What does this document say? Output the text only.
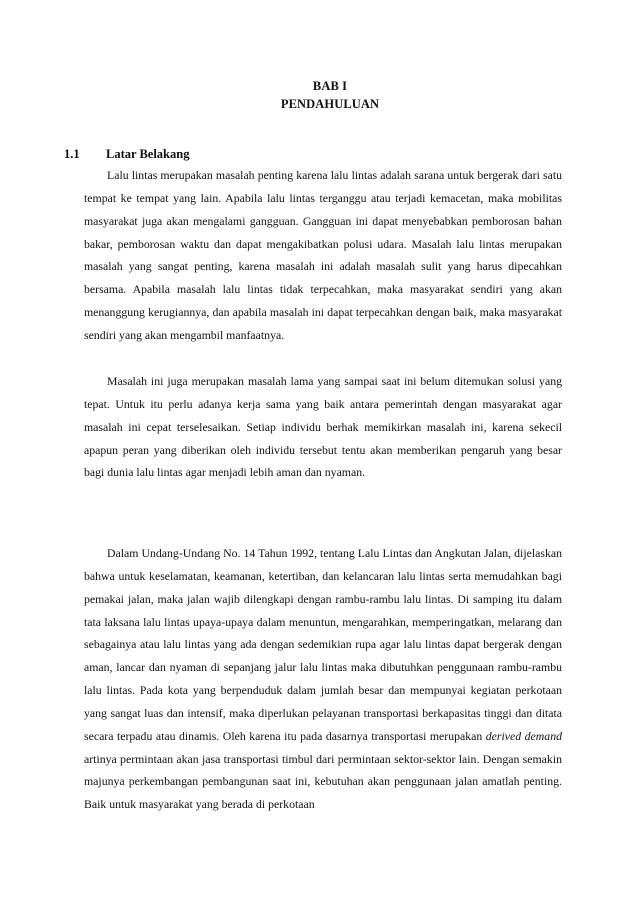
BAB I
PENDAHULUAN
1.1 Latar Belakang

Lalu lintas merupakan masalah penting karena lalu lintas adalah sarana untuk bergerak dari satu tempat ke tempat yang lain. Apabila lalu lintas terganggu atau terjadi kemacetan, maka mobilitas masyarakat juga akan mengalami gangguan. Gangguan ini dapat menyebabkan pemborosan bahan bakar, pemborosan waktu dan dapat mengakibatkan polusi udara. Masalah lalu lintas merupakan masalah yang sangat penting, karena masalah ini adalah masalah sulit yang harus dipecahkan bersama. Apabila masalah lalu lintas tidak terpecahkan, maka masyarakat sendiri yang akan menanggung kerugiannya, dan apabila masalah ini dapat terpecahkan dengan baik, maka masyarakat sendiri yang akan mengambil manfaatnya.

Masalah ini juga merupakan masalah lama yang sampai saat ini belum ditemukan solusi yang tepat. Untuk itu perlu adanya kerja sama yang baik antara pemerintah dengan masyarakat agar masalah ini cepat terselesaikan. Setiap individu berhak memikirkan masalah ini, karena sekecil apapun peran yang diberikan oleh individu tersebut tentu akan memberikan pengaruh yang besar bagi dunia lalu lintas agar menjadi lebih aman dan nyaman.

Dalam Undang-Undang No. 14 Tahun 1992, tentang Lalu Lintas dan Angkutan Jalan, dijelaskan bahwa untuk keselamatan, keamanan, ketertiban, dan kelancaran lalu lintas serta memudahkan bagi pemakai jalan, maka jalan wajib dilengkapi dengan rambu-rambu lalu lintas. Di samping itu dalam tata laksana lalu lintas upaya-upaya dalam menuntun, mengarahkan, memperingatkan, melarang dan sebagainya atau lalu lintas yang ada dengan sedemikian rupa agar lalu lintas dapat bergerak dengan aman, lancar dan nyaman di sepanjang jalur lalu lintas maka dibutuhkan penggunaan rambu-rambu lalu lintas. Pada kota yang berpenduduk dalam jumlah besar dan mempunyai kegiatan perkotaan yang sangat luas dan intensif, maka diperlukan pelayanan transportasi berkapasitas tinggi dan ditata secara terpadu atau dinamis. Oleh karena itu pada dasarnya transportasi merupakan derived demand artinya permintaan akan jasa transportasi timbul dari permintaan sektor-sektor lain. Dengan semakin majunya perkembangan pembangunan saat ini, kebutuhan akan penggunaan jalan amatlah penting. Baik untuk masyarakat yang berada di perkotaan
